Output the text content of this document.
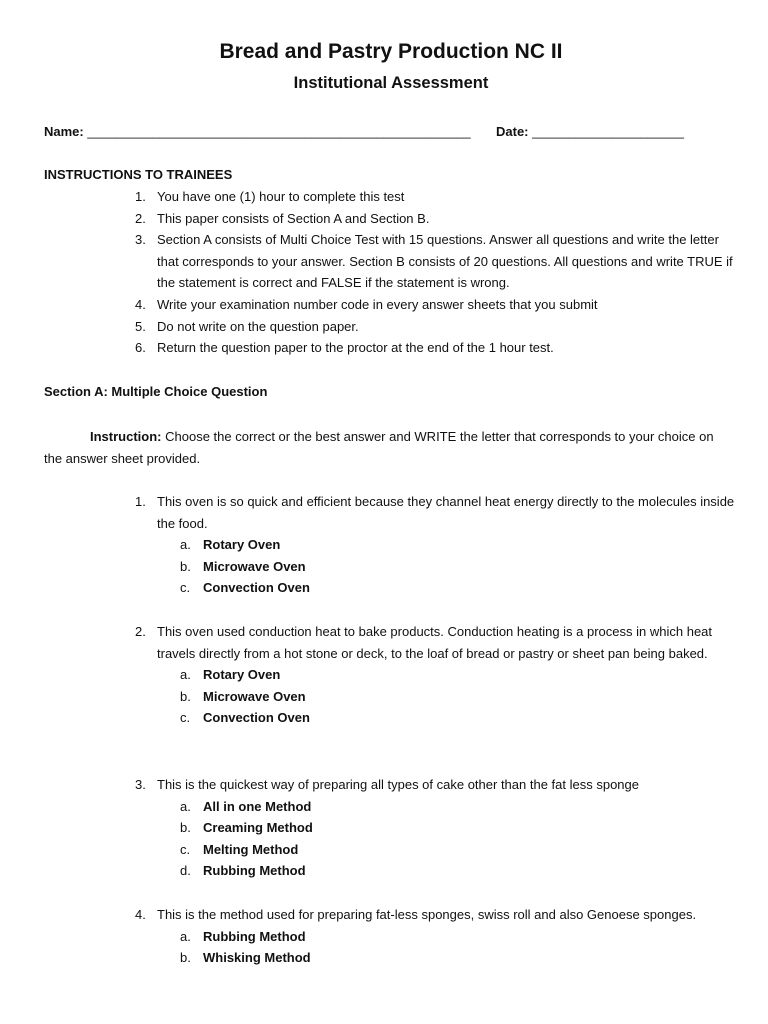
Bread and Pastry Production NC II
Institutional Assessment
Name: _____________________________________________________ Date: _____________________
INSTRUCTIONS TO TRAINEES
1. You have one (1) hour to complete this test
2. This paper consists of Section A and Section B.
3. Section A consists of Multi Choice Test with 15 questions. Answer all questions and write the letter that corresponds to your answer. Section B consists of 20 questions. All questions and write TRUE if the statement is correct and FALSE if the statement is wrong.
4. Write your examination number code in every answer sheets that you submit
5. Do not write on the question paper.
6. Return the question paper to the proctor at the end of the 1 hour test.
Section A: Multiple Choice Question
Instruction: Choose the correct or the best answer and WRITE the letter that corresponds to your choice on the answer sheet provided.
1. This oven is so quick and efficient because they channel heat energy directly to the molecules inside the food.
a. Rotary Oven
b. Microwave Oven
c. Convection Oven
2. This oven used conduction heat to bake products. Conduction heating is a process in which heat travels directly from a hot stone or deck, to the loaf of bread or pastry or sheet pan being baked.
a. Rotary Oven
b. Microwave Oven
c. Convection Oven
3. This is the quickest way of preparing all types of cake other than the fat less sponge
a. All in one Method
b. Creaming Method
c. Melting Method
d. Rubbing Method
4. This is the method used for preparing fat-less sponges, swiss roll and also Genoese sponges.
a. Rubbing Method
b. Whisking Method
